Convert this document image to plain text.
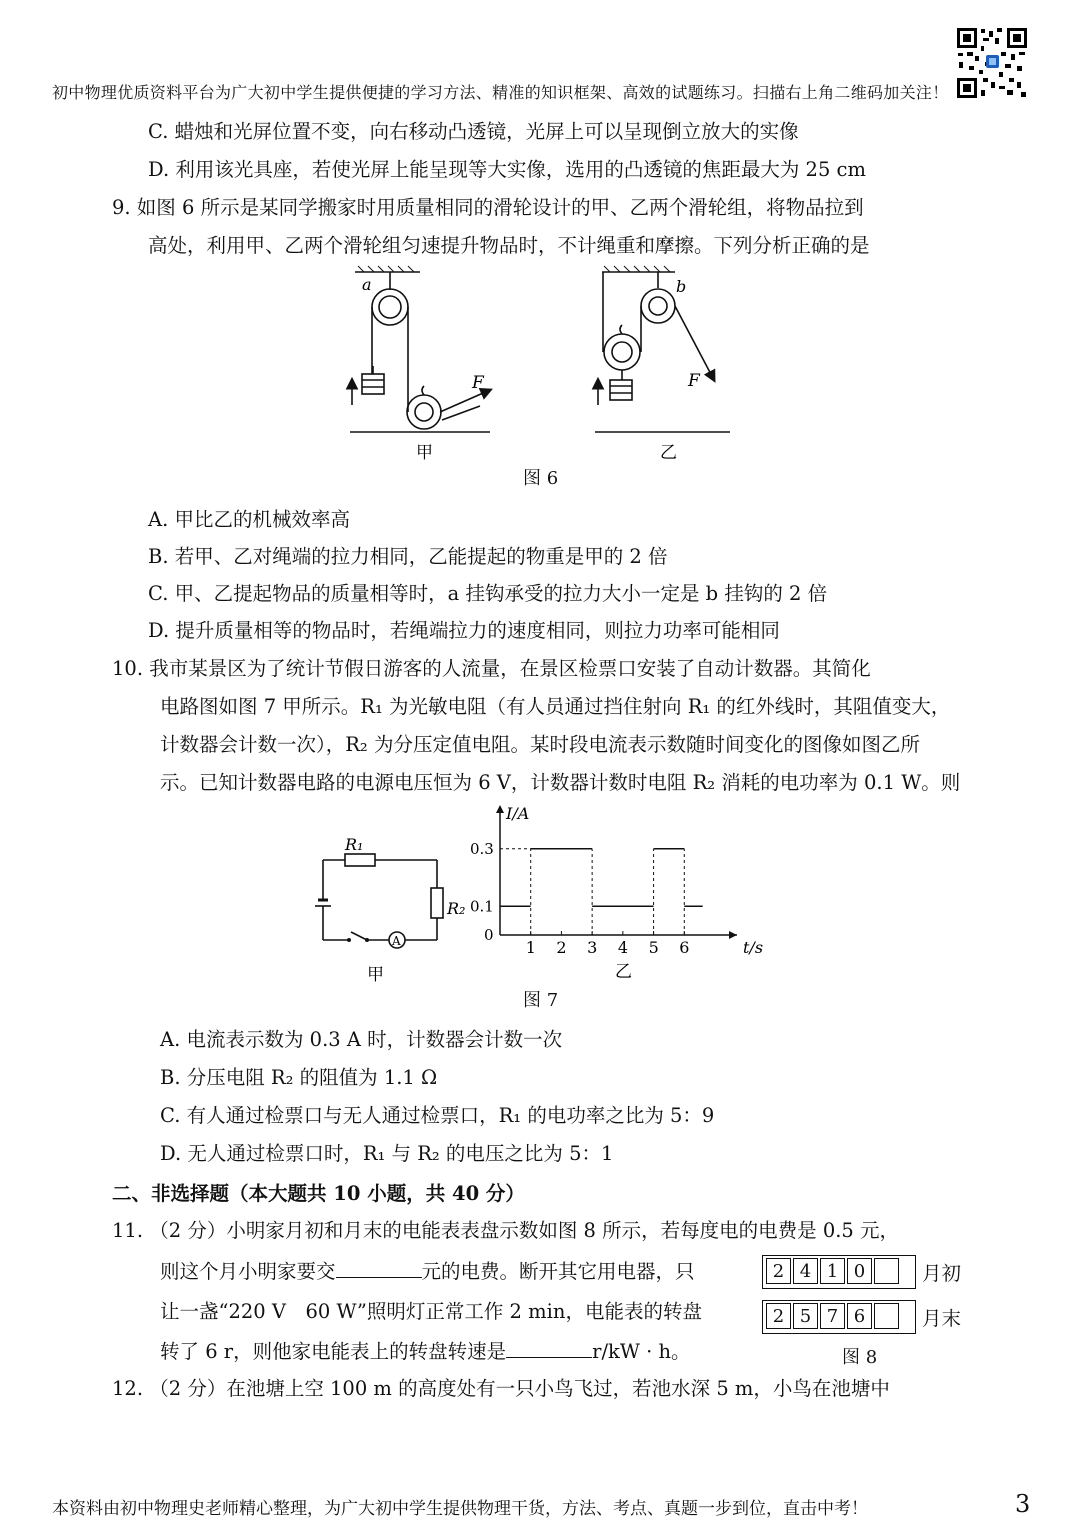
初中物理优质资料平台为广大初中学生提供便捷的学习方法、精准的知识框架、高效的试题练习。扫描右上角二维码加关注！
C. 蜡烛和光屏位置不变，向右移动凸透镜，光屏上可以呈现倒立放大的实像
D. 利用该光具座，若使光屏上能呈现等大实像，选用的凸透镜的焦距最大为 25 cm
9. 如图 6 所示是某同学搬家时用质量相同的滑轮设计的甲、乙两个滑轮组，将物品拉到
高处，利用甲、乙两个滑轮组匀速提升物品时，不计绳重和摩擦。下列分析正确的是
a
F
甲
b
F
乙
图 6
A. 甲比乙的机械效率高
B. 若甲、乙对绳端的拉力相同，乙能提起的物重是甲的 2 倍
C. 甲、乙提起物品的质量相等时，a 挂钩承受的拉力大小一定是 b 挂钩的 2 倍
D. 提升质量相等的物品时，若绳端拉力的速度相同，则拉力功率可能相同
10. 我市某景区为了统计节假日游客的人流量，在景区检票口安装了自动计数器。其简化
电路图如图 7 甲所示。R₁ 为光敏电阻（有人员通过挡住射向 R₁ 的红外线时，其阻值变大，
计数器会计数一次），R₂ 为分压定值电阻。某时段电流表示数随时间变化的图像如图乙所
示。已知计数器电路的电源电压恒为 6 V，计数器计数时电阻 R₂ 消耗的电功率为 0.1 W。则
R₁
R₂
A
甲
I/A
t/s
0
1 2 3 4 5 6
0.1
0.3
乙
图 7
A. 电流表示数为 0.3 A 时，计数器会计数一次
B. 分压电阻 R₂ 的阻值为 1.1 Ω
C. 有人通过检票口与无人通过检票口，R₁ 的电功率之比为 5：9
D. 无人通过检票口时，R₁ 与 R₂ 的电压之比为 5：1
二、非选择题（本大题共 10 小题，共 40 分）
11. （2 分）小明家月初和月末的电能表表盘示数如图 8 所示，若每度电的电费是 0.5 元，
则这个月小明家要交	元的电费。断开其它用电器，只
让一盏“220 V　60 W”照明灯正常工作 2 min，电能表的转盘
转了 6 r，则他家电能表上的转盘转速是	r/kW · h。
2 4 1 0	月初
2 5 7 6	月末
图 8
12. （2 分）在池塘上空 100 m 的高度处有一只小鸟飞过，若池水深 5 m，小鸟在池塘中
本资料由初中物理史老师精心整理，为广大初中学生提供物理干货，方法、考点、真题一步到位，直击中考！	3
